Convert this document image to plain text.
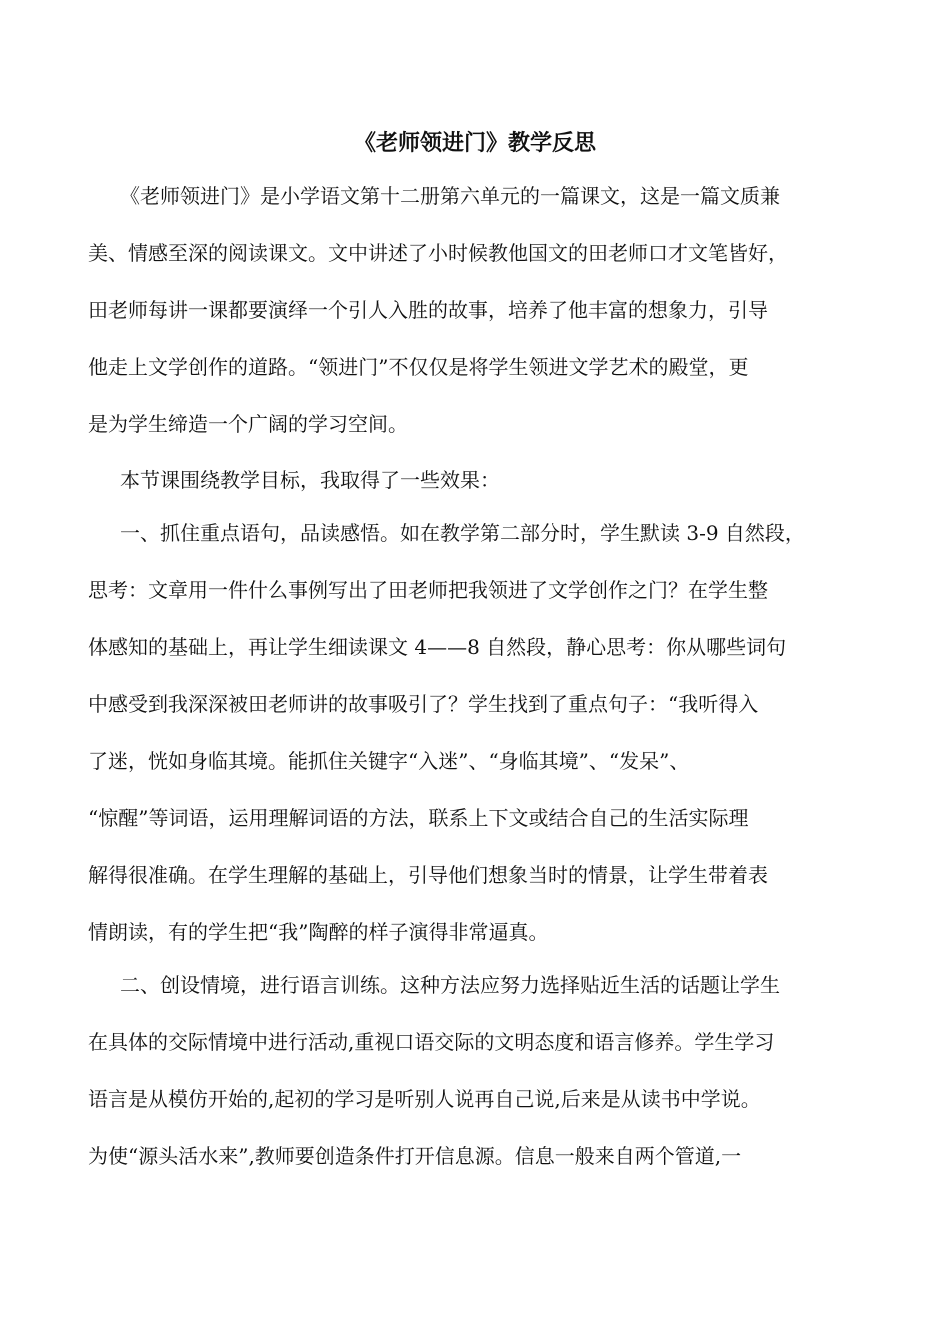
《老师领进门》教学反思
《老师领进门》是小学语文第十二册第六单元的一篇课文，这是一篇文质兼
美、情感至深的阅读课文。文中讲述了小时候教他国文的田老师口才文笔皆好，
田老师每讲一课都要演绎一个引人入胜的故事，培养了他丰富的想象力，引导
他走上文学创作的道路。“领进门”不仅仅是将学生领进文学艺术的殿堂，更
是为学生缔造一个广阔的学习空间。
本节课围绕教学目标，我取得了一些效果：
一、抓住重点语句，品读感悟。如在教学第二部分时，学生默读 3-9 自然段，
思考：文章用一件什么事例写出了田老师把我领进了文学创作之门？在学生整
体感知的基础上，再让学生细读课文 4——8 自然段，静心思考：你从哪些词句
中感受到我深深被田老师讲的故事吸引了？学生找到了重点句子：“我听得入
了迷，恍如身临其境。能抓住关键字“入迷”、“身临其境”、“发呆”、
“惊醒”等词语，运用理解词语的方法，联系上下文或结合自己的生活实际理
解得很准确。在学生理解的基础上，引导他们想象当时的情景，让学生带着表
情朗读，有的学生把“我”陶醉的样子演得非常逼真。
二、创设情境，进行语言训练。这种方法应努力选择贴近生活的话题让学生
在具体的交际情境中进行活动,重视口语交际的文明态度和语言修养。学生学习
语言是从模仿开始的,起初的学习是听别人说再自己说,后来是从读书中学说。
为使“源头活水来”,教师要创造条件打开信息源。信息一般来自两个管道,一
